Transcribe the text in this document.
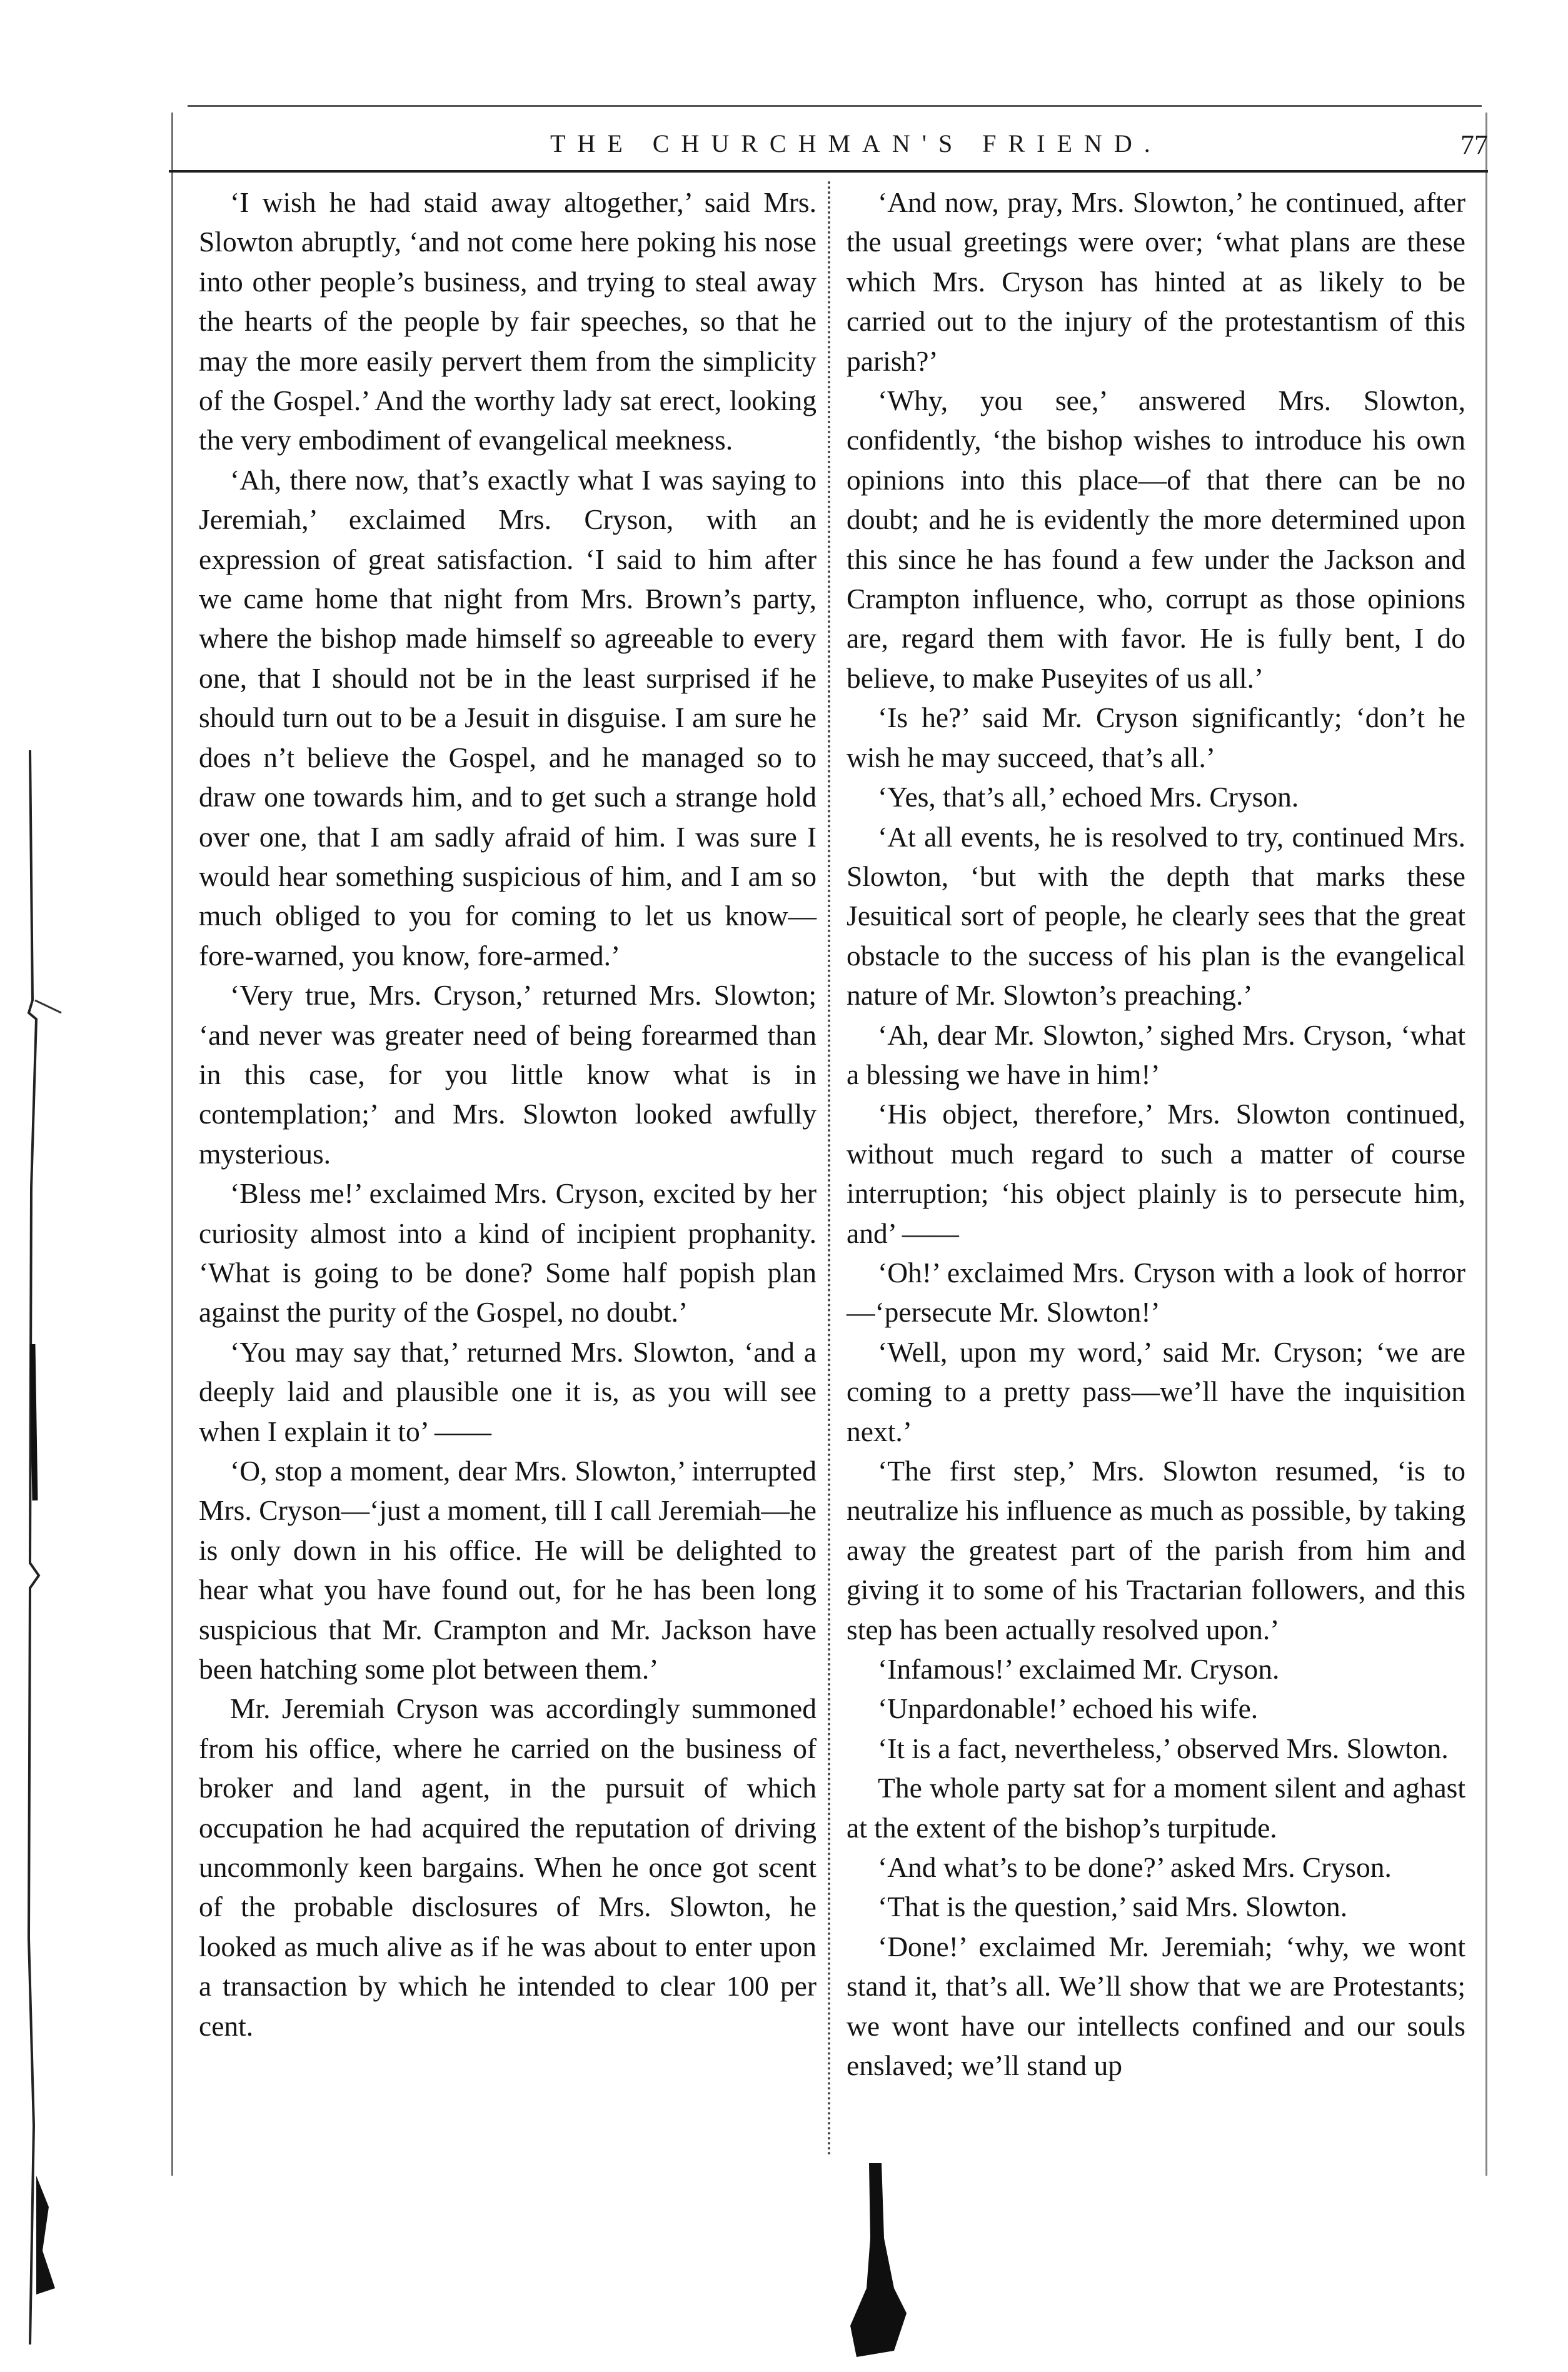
THE CHURCHMAN'S FRIEND.	77

‘I wish he had staid away altogether,’ said Mrs. Slowton abruptly, ‘and not come here poking his nose into other people’s business, and trying to steal away the hearts of the people by fair speeches, so that he may the more easily pervert them from the simplicity of the Gospel.’ And the worthy lady sat erect, looking the very embodiment of evangelical meekness.

‘Ah, there now, that’s exactly what I was saying to Jeremiah,’ exclaimed Mrs. Cryson, with an expression of great satisfaction. ‘I said to him after we came home that night from Mrs. Brown’s party, where the bishop made himself so agreeable to every one, that I should not be in the least surprised if he should turn out to be a Jesuit in disguise. I am sure he does n’t believe the Gospel, and he managed so to draw one towards him, and to get such a strange hold over one, that I am sadly afraid of him. I was sure I would hear something suspicious of him, and I am so much obliged to you for coming to let us know—fore-warned, you know, fore-armed.’

‘Very true, Mrs. Cryson,’ returned Mrs. Slowton; ‘and never was greater need of being forearmed than in this case, for you little know what is in contemplation;’ and Mrs. Slowton looked awfully mysterious.

‘Bless me!’ exclaimed Mrs. Cryson, excited by her curiosity almost into a kind of incipient prophanity. ‘What is going to be done? Some half popish plan against the purity of the Gospel, no doubt.’

‘You may say that,’ returned Mrs. Slowton, ‘and a deeply laid and plausible one it is, as you will see when I explain it to’ ——

‘O, stop a moment, dear Mrs. Slowton,’ interrupted Mrs. Cryson—‘just a moment, till I call Jeremiah—he is only down in his office. He will be delighted to hear what you have found out, for he has been long suspicious that Mr. Crampton and Mr. Jackson have been hatching some plot between them.’

Mr. Jeremiah Cryson was accordingly summoned from his office, where he carried on the business of broker and land agent, in the pursuit of which occupation he had acquired the reputation of driving uncommonly keen bargains. When he once got scent of the probable disclosures of Mrs. Slowton, he looked as much alive as if he was about to enter upon a transaction by which he intended to clear 100 per cent.

‘And now, pray, Mrs. Slowton,’ he continued, after the usual greetings were over; ‘what plans are these which Mrs. Cryson has hinted at as likely to be carried out to the injury of the protestantism of this parish?’

‘Why, you see,’ answered Mrs. Slowton, confidently, ‘the bishop wishes to introduce his own opinions into this place—of that there can be no doubt; and he is evidently the more determined upon this since he has found a few under the Jackson and Crampton influence, who, corrupt as those opinions are, regard them with favor. He is fully bent, I do believe, to make Puseyites of us all.’

‘Is he?’ said Mr. Cryson significantly; ‘don’t he wish he may succeed, that’s all.’

‘Yes, that’s all,’ echoed Mrs. Cryson.

‘At all events, he is resolved to try, continued Mrs. Slowton, ‘but with the depth that marks these Jesuitical sort of people, he clearly sees that the great obstacle to the success of his plan is the evangelical nature of Mr. Slowton’s preaching.’

‘Ah, dear Mr. Slowton,’ sighed Mrs. Cryson, ‘what a blessing we have in him!’

‘His object, therefore,’ Mrs. Slowton continued, without much regard to such a matter of course interruption; ‘his object plainly is to persecute him, and’ ——

‘Oh!’ exclaimed Mrs. Cryson with a look of horror—‘persecute Mr. Slowton!’

‘Well, upon my word,’ said Mr. Cryson; ‘we are coming to a pretty pass—we’ll have the inquisition next.’

‘The first step,’ Mrs. Slowton resumed, ‘is to neutralize his influence as much as possible, by taking away the greatest part of the parish from him and giving it to some of his Tractarian followers, and this step has been actually resolved upon.’

‘Infamous!’ exclaimed Mr. Cryson.

‘Unpardonable!’ echoed his wife.

‘It is a fact, nevertheless,’ observed Mrs. Slowton.

The whole party sat for a moment silent and aghast at the extent of the bishop’s turpitude.

‘And what’s to be done?’ asked Mrs. Cryson.

‘That is the question,’ said Mrs. Slowton.

‘Done!’ exclaimed Mr. Jeremiah; ‘why, we wont stand it, that’s all. We’ll show that we are Protestants; we wont have our intellects confined and our souls enslaved; we’ll stand up
